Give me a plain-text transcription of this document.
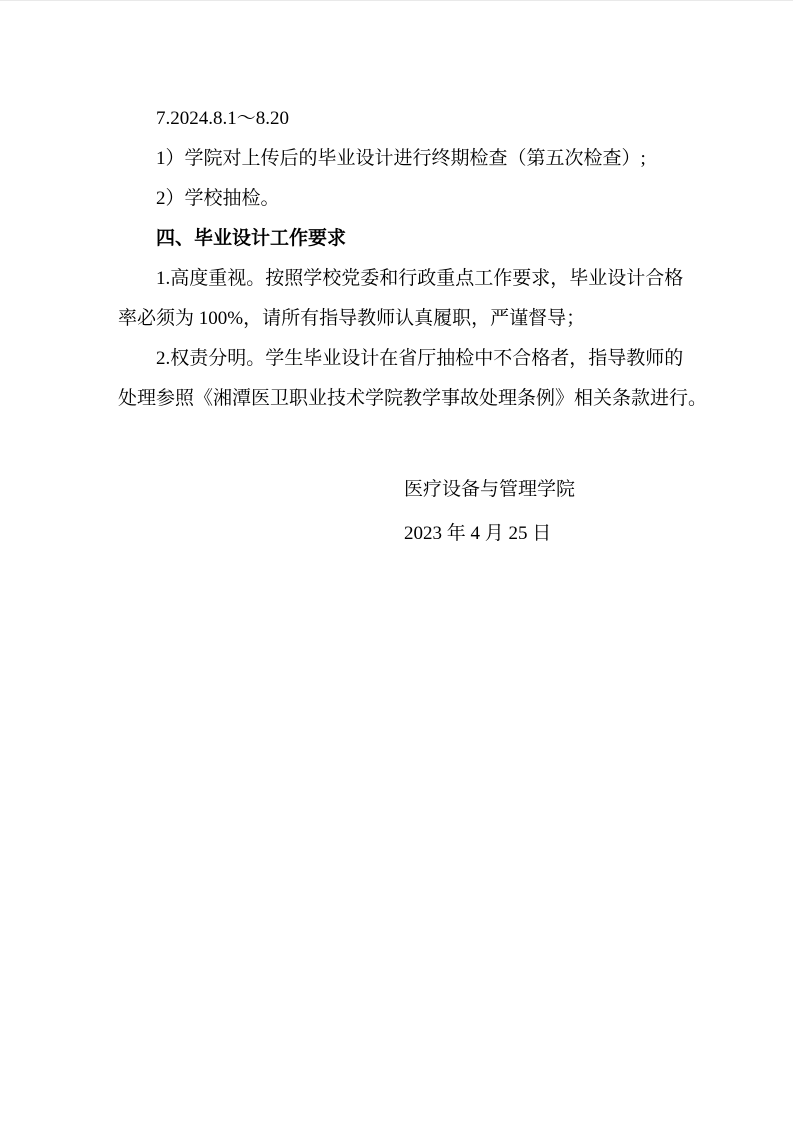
7.2024.8.1～8.20

1）学院对上传后的毕业设计进行终期检查（第五次检查）;

2）学校抽检。

四、毕业设计工作要求

1.高度重视。按照学校党委和行政重点工作要求，毕业设计合格

率必须为 100%，请所有指导教师认真履职，严谨督导；

2.权责分明。学生毕业设计在省厅抽检中不合格者，指导教师的

处理参照《湘潭医卫职业技术学院教学事故处理条例》相关条款进行。

医疗设备与管理学院

2023 年 4 月 25 日
